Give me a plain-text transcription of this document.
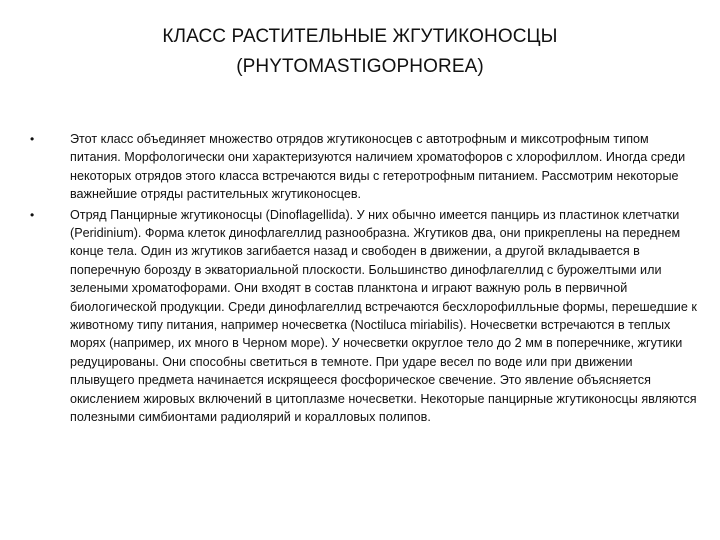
КЛАСС РАСТИТЕЛЬНЫЕ ЖГУТИКОНОСЦЫ
(PHYTOMASTIGOPHOREA)
•	Этот класс объединяет множество отрядов жгутиконосцев с автотрофным и миксотрофным типом питания. Морфологически они характеризуются наличием хроматофоров с хлорофиллом. Иногда среди некоторых отрядов этого класса встречаются виды с гетеротрофным питанием. Рассмотрим некоторые важнейшие отряды растительных жгутиконосцев.
•	Отряд Панцирные жгутиконосцы (Dinoflagellida). У них обычно имеется панцирь из пластинок клетчатки (Peridinium). Форма клеток динофлагеллид разнообразна. Жгутиков два, они прикреплены на переднем конце тела. Один из жгутиков загибается назад и свободен в движении, а другой вкладывается в поперечную борозду в экваториальной плоскости. Большинство динофлагеллид с бурожелтыми или зелеными хроматофорами. Они входят в состав планктона и играют важную роль в первичной биологической продукции. Среди динофлагеллид встречаются бесхлорофилльные формы, перешедшие к животному типу питания, например ночесветка (Noctiluca miriabilis). Ночесветки встречаются в теплых морях (например, их много в Черном море). У ночесветки округлое тело до 2 мм в поперечнике, жгутики редуцированы. Они способны светиться в темноте. При ударе весел по воде или при движении плывущего предмета начинается искрящееся фосфорическое свечение. Это явление объясняется окислением жировых включений в цитоплазме ночесветки. Некоторые панцирные жгутиконосцы являются полезными симбионтами радиолярий и коралловых полипов.
